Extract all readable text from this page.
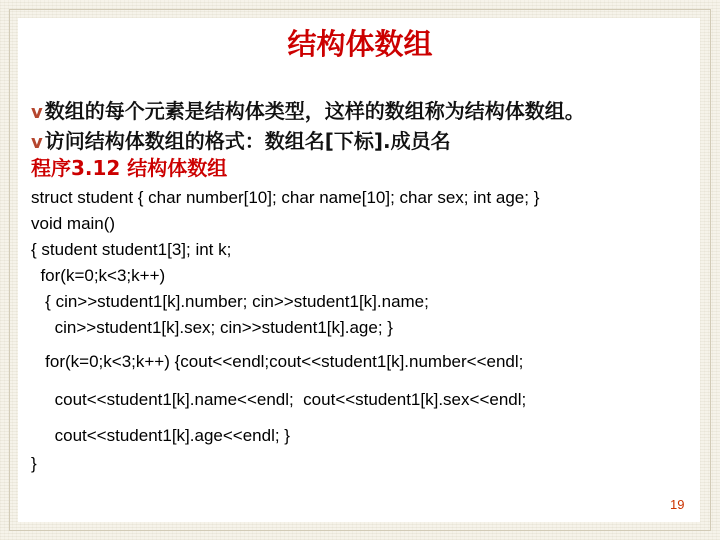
结构体数组
v 数组的每个元素是结构体类型，这样的数组称为结构体数组。
v 访问结构体数组的格式：数组名[下标].成员名
程序3.12 结构体数组
struct student { char number[10]; char name[10]; char sex; int age; }
void main()
{ student student1[3]; int k;
for(k=0;k<3;k++)
{ cin>>student1[k].number; cin>>student1[k].name;
cin>>student1[k].sex; cin>>student1[k].age; }
for(k=0;k<3;k++) {cout<<endl;cout<<student1[k].number<<endl;
cout<<student1[k].name<<endl;  cout<<student1[k].sex<<endl;
cout<<student1[k].age<<endl; }
}
19
